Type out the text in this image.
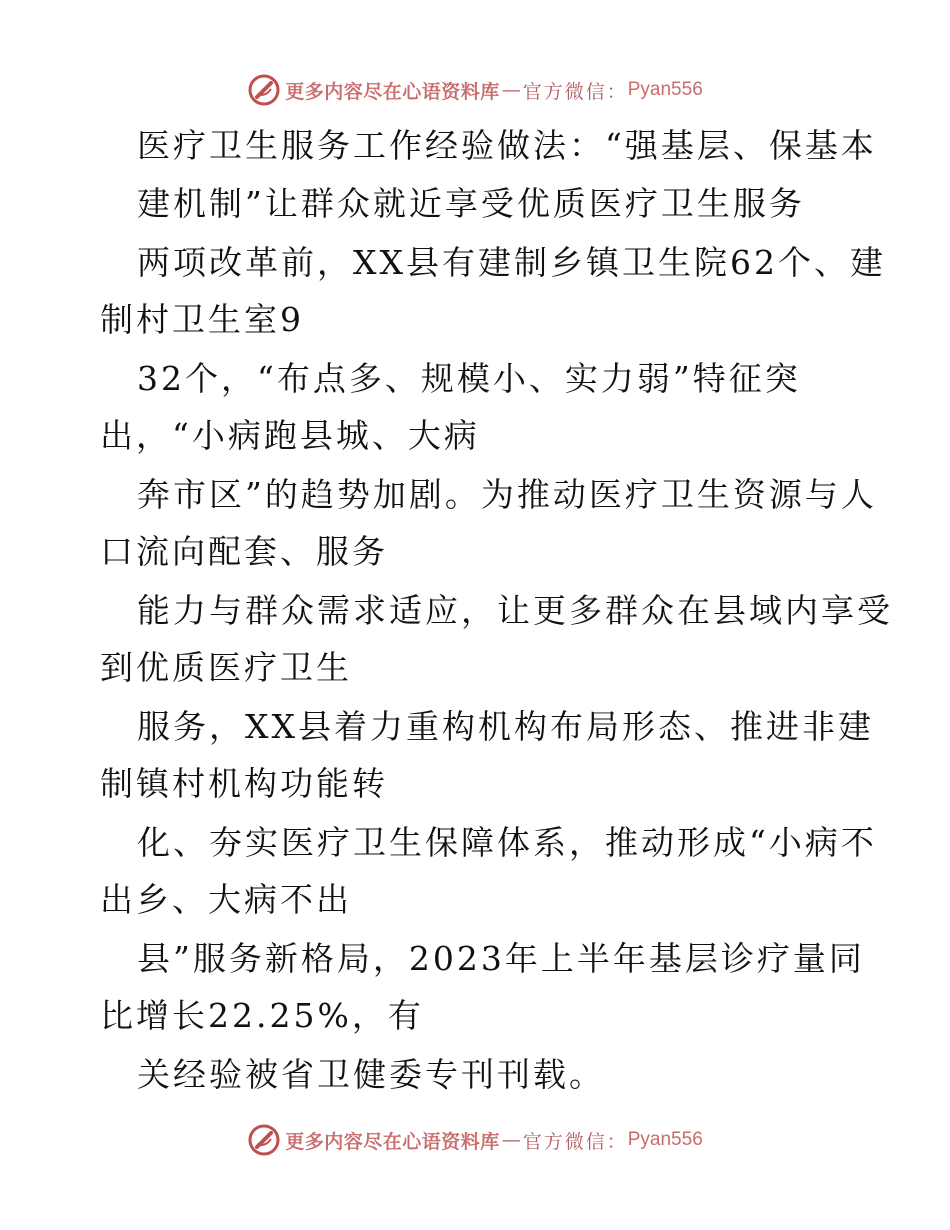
更多内容尽在心语资料库 — 官方微信： Pyan556
医疗卫生服务工作经验做法：“强基层、保基本
建机制”让群众就近享受优质医疗卫生服务
两项改革前，XX县有建制乡镇卫生院62个、建
制村卫生室9
32个，“布点多、规模小、实力弱”特征突
出，“小病跑县城、大病
奔市区”的趋势加剧。为推动医疗卫生资源与人
口流向配套、服务
能力与群众需求适应，让更多群众在县域内享受
到优质医疗卫生
服务，XX县着力重构机构布局形态、推进非建
制镇村机构功能转
化、夯实医疗卫生保障体系，推动形成“小病不
出乡、大病不出
县”服务新格局，2023年上半年基层诊疗量同
比增长22.25%，有
关经验被省卫健委专刊刊载。
更多内容尽在心语资料库 — 官方微信： Pyan556
